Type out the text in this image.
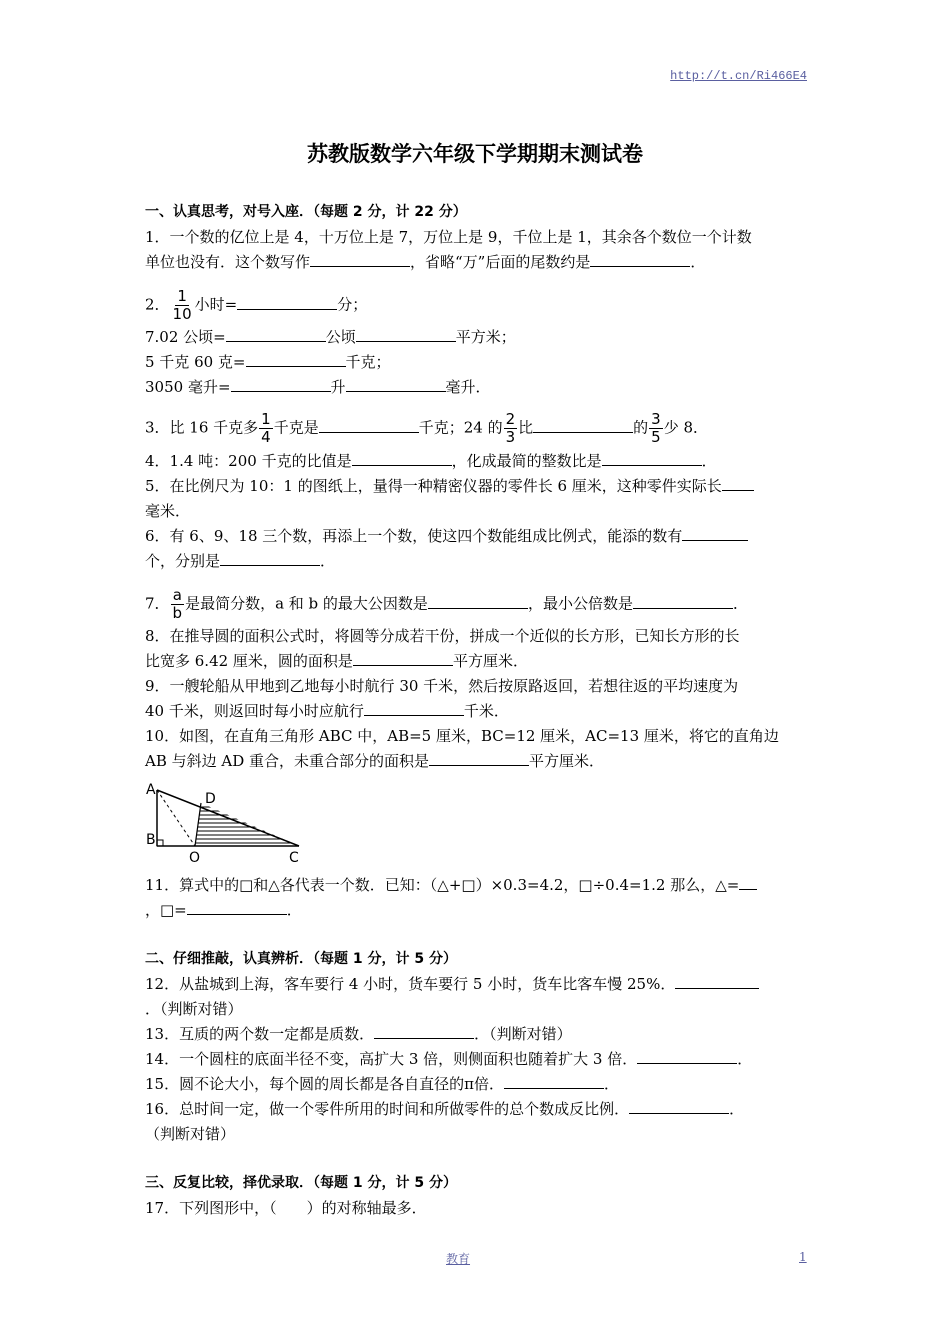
http://t.cn/Ri466E4
苏教版数学六年级下学期期末测试卷
一、认真思考，对号入座．（每题 2 分，计 22 分）
1．一个数的亿位上是 4，十万位上是 7，万位上是 9，千位上是 1，其余各个数位一个计数
单位也没有．这个数写作	，省略“万”后面的尾数约是	．
2． $\frac{1}{10}$ 小时=	分；
7.02 公顷=	公顷	平方米；
5 千克 60 克=	千克；
3050 毫升=	升	毫升．
3．比 16 千克多 $\frac{1}{4}$ 千克是	千克；24 的 $\frac{2}{3}$ 比	的 $\frac{3}{5}$ 少 8．
4．1.4 吨：200 千克的比值是	，化成最简的整数比是	．
5．在比例尺为 10：1 的图纸上，量得一种精密仪器的零件长 6 厘米，这种零件实际长
毫米．
6．有 6、9、18 三个数，再添上一个数，使这四个数能组成比例式，能添的数有
个，分别是	．
7． $\frac{a}{b}$ 是最简分数，a 和 b 的最大公因数是	，最小公倍数是	．
8．在推导圆的面积公式时，将圆等分成若干份，拼成一个近似的长方形，已知长方形的长
比宽多 6.42 厘米，圆的面积是	平方厘米．
9．一艘轮船从甲地到乙地每小时航行 30 千米，然后按原路返回，若想往返的平均速度为
40 千米，则返回时每小时应航行	千米．
10．如图，在直角三角形 ABC 中，AB=5 厘米，BC=12 厘米，AC=13 厘米，将它的直角边
AB 与斜边 AD 重合，未重合部分的面积是	平方厘米．
A
B
C
D
O
11．算式中的□和△各代表一个数．已知：（△+□）×0.3=4.2，□÷0.4=1.2 那么，△=
，□=	．
二、仔细推敲，认真辨析．（每题 1 分，计 5 分）
12．从盐城到上海，客车要行 4 小时，货车要行 5 小时，货车比客车慢 25%．
．（判断对错）
13．互质的两个数一定都是质数．	．（判断对错）
14．一个圆柱的底面半径不变，高扩大 3 倍，则侧面积也随着扩大 3 倍．	．
15．圆不论大小，每个圆的周长都是各自直径的π倍．	．
16．总时间一定，做一个零件所用的时间和所做零件的总个数成反比例．	．
（判断对错）
三、反复比较，择优录取．（每题 1 分，计 5 分）
17．下列图形中，（　　）的对称轴最多．
教育	1
